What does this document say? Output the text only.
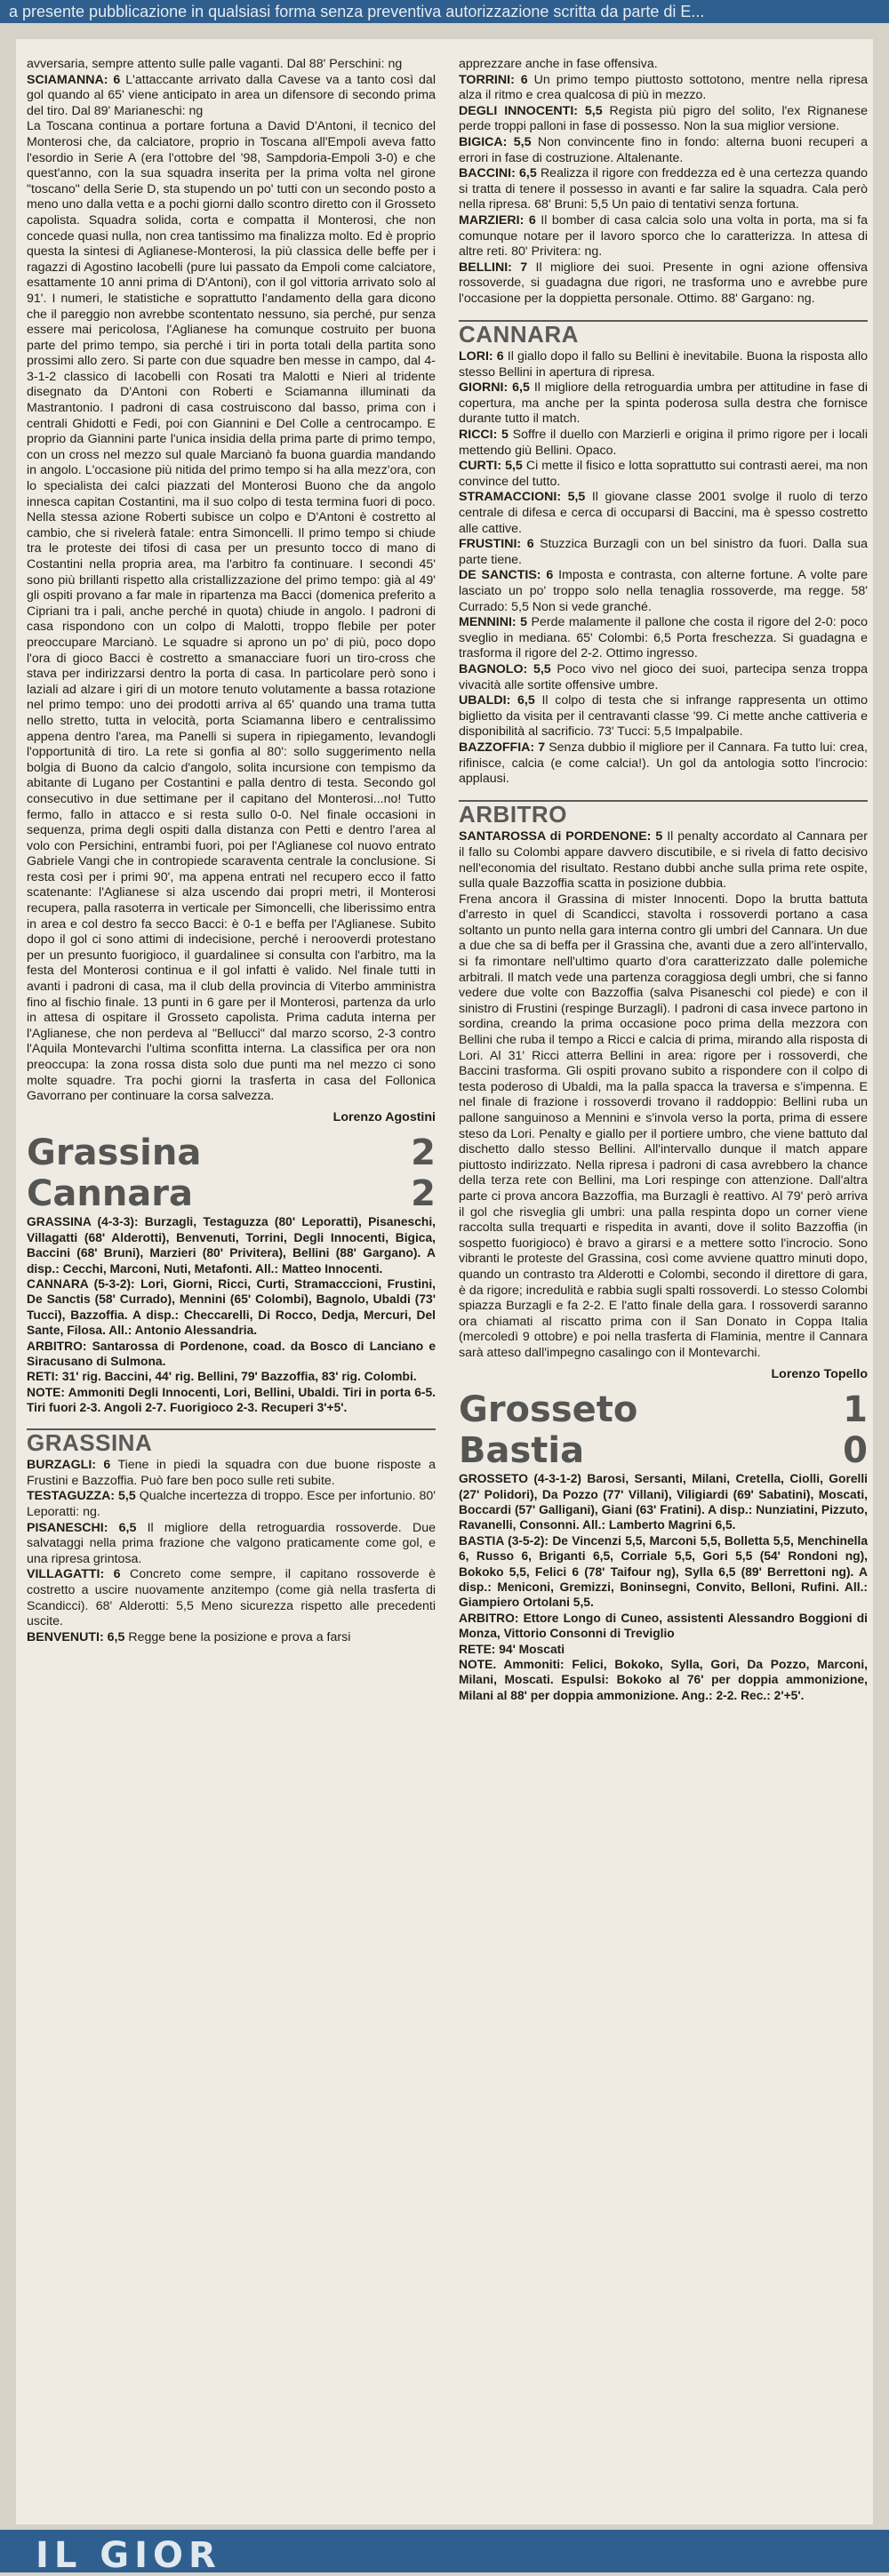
a presente pubblicazione in qualsiasi forma senza preventiva autorizzazione scritta da parte di E...

avversaria, sempre attento sulle palle vaganti. Dal 88' Perschini: ng

SCIAMANNA: 6 L'attaccante arrivato dalla Cavese va a tanto così dal gol quando al 65' viene anticipato in area un difensore di secondo prima del tiro. Dal 89' Marianeschi: ng

La Toscana continua a portare fortuna a David D'Antoni, il tecnico del Monterosi che, da calciatore, proprio in Toscana all'Empoli aveva fatto l'esordio in Serie A (era l'ottobre del '98, Sampdoria-Empoli 3-0) e che quest'anno, con la sua squadra inserita per la prima volta nel girone "toscano" della Serie D, sta stupendo un po' tutti con un secondo posto a meno uno dalla vetta e a pochi giorni dallo scontro diretto con il Grosseto capolista. Squadra solida, corta e compatta il Monterosi, che non concede quasi nulla, non crea tantissimo ma finalizza molto. Ed è proprio questa la sintesi di Aglianese-Monterosi, la più classica delle beffe per i ragazzi di Agostino Iacobelli (pure lui passato da Empoli come calciatore, esattamente 10 anni prima di D'Antoni), con il gol vittoria arrivato solo al 91'. I numeri, le statistiche e soprattutto l'andamento della gara dicono che il pareggio non avrebbe scontentato nessuno, sia perché, pur senza essere mai pericolosa, l'Aglianese ha comunque costruito per buona parte del primo tempo, sia perché i tiri in porta totali della partita sono prossimi allo zero. Si parte con due squadre ben messe in campo, dal 4-3-1-2 classico di Iacobelli con Rosati tra Malotti e Nieri al tridente disegnato da D'Antoni con Roberti e Sciamanna illuminati da Mastrantonio. I padroni di casa costruiscono dal basso, prima con i centrali Ghidotti e Fedi, poi con Giannini e Del Colle a centrocampo. E proprio da Giannini parte l'unica insidia della prima parte di primo tempo, con un cross nel mezzo sul quale Marcianò fa buona guardia mandando in angolo. L'occasione più nitida del primo tempo si ha alla mezz'ora, con lo specialista dei calci piazzati del Monterosi Buono che da angolo innesca capitan Costantini, ma il suo colpo di testa termina fuori di poco. Nella stessa azione Roberti subisce un colpo e D'Antoni è costretto al cambio, che si rivelerà fatale: entra Simoncelli. Il primo tempo si chiude tra le proteste dei tifosi di casa per un presunto tocco di mano di Costantini nella propria area, ma l'arbitro fa continuare. I secondi 45' sono più brillanti rispetto alla cristallizzazione del primo tempo: già al 49' gli ospiti provano a far male in ripartenza ma Bacci (domenica preferito a Cipriani tra i pali, anche perché in quota) chiude in angolo. I padroni di casa rispondono con un colpo di Malotti, troppo flebile per poter preoccupare Marcianò. Le squadre si aprono un po' di più, poco dopo l'ora di gioco Bacci è costretto a smanacciare fuori un tiro-cross che stava per indirizzarsi dentro la porta di casa. In particolare però sono i laziali ad alzare i giri di un motore tenuto volutamente a bassa rotazione nel primo tempo: uno dei prodotti arriva al 65' quando una trama tutta nello stretto, tutta in velocità, porta Sciamanna libero e centralissimo appena dentro l'area, ma Panelli si supera in ripiegamento, levandogli l'opportunità di tiro. La rete si gonfia al 80': sollo suggerimento nella bolgia di Buono da calcio d'angolo, solita incursione con tempismo da abitante di Lugano per Costantini e palla dentro di testa. Secondo gol consecutivo in due settimane per il capitano del Monterosi...no! Tutto fermo, fallo in attacco e si resta sullo 0-0. Nel finale occasioni in sequenza, prima degli ospiti dalla distanza con Petti e dentro l'area al volo con Persichini, entrambi fuori, poi per l'Aglianese col nuovo entrato Gabriele Vangi che in contropiede scaraventa centrale la conclusione. Si resta così per i primi 90', ma appena entrati nel recupero ecco il fatto scatenante: l'Aglianese si alza uscendo dai propri metri, il Monterosi recupera, palla rasoterra in verticale per Simoncelli, che liberissimo entra in area e col destro fa secco Bacci: è 0-1 e beffa per l'Aglianese. Subito dopo il gol ci sono attimi di indecisione, perché i nerooverdi protestano per un presunto fuorigioco, il guardalinee si consulta con l'arbitro, ma la festa del Monterosi continua e il gol infatti è valido. Nel finale tutti in avanti i padroni di casa, ma il club della provincia di Viterbo amministra fino al fischio finale. 13 punti in 6 gare per il Monterosi, partenza da urlo in attesa di ospitare il Grosseto capolista. Prima caduta interna per l'Aglianese, che non perdeva al "Bellucci" dal marzo scorso, 2-3 contro l'Aquila Montevarchi l'ultima sconfitta interna. La classifica per ora non preoccupa: la zona rossa dista solo due punti ma nel mezzo ci sono molte squadre. Tra pochi giorni la trasferta in casa del Follonica Gavorrano per continuare la corsa salvezza.

Lorenzo Agostini
Grassina	2
Cannara	2

GRASSINA (4-3-3): Burzagli, Testaguzza (80' Leporatti), Pisaneschi, Villagatti (68' Alderotti), Benvenuti, Torrini, Degli Innocenti, Bigica, Baccini (68' Bruni), Marzieri (80' Privitera), Bellini (88' Gargano). A disp.: Cecchi, Marconi, Nuti, Metafonti. All.: Matteo Innocenti.

CANNARA (5-3-2): Lori, Giorni, Ricci, Curti, Stramacccioni, Frustini, De Sanctis (58' Currado), Mennini (65' Colombi), Bagnolo, Ubaldi (73' Tucci), Bazzoffia. A disp.: Checcarelli, Di Rocco, Dedja, Mercuri, Del Sante, Filosa. All.: Antonio Alessandria.

ARBITRO: Santarossa di Pordenone, coad. da Bosco di Lanciano e Siracusano di Sulmona.

RETI: 31' rig. Baccini, 44' rig. Bellini, 79' Bazzoffia, 83' rig. Colombi.

NOTE: Ammoniti Degli Innocenti, Lori, Bellini, Ubaldi. Tiri in porta 6-5. Tiri fuori 2-3. Angoli 2-7. Fuorigioco 2-3. Recuperi 3'+5'.

GRASSINA

BURZAGLI: 6 Tiene in piedi la squadra con due buone risposte a Frustini e Bazzoffia. Può fare ben poco sulle reti subite.

TESTAGUZZA: 5,5 Qualche incertezza di troppo. Esce per infortunio. 80' Leporatti: ng.

PISANESCHI: 6,5 Il migliore della retroguardia rossoverde. Due salvataggi nella prima frazione che valgono praticamente come gol, e una ripresa grintosa.

VILLAGATTI: 6 Concreto come sempre, il capitano rossoverde è costretto a uscire nuovamente anzitempo (come già nella trasferta di Scandicci). 68' Alderotti: 5,5 Meno sicurezza rispetto alle precedenti uscite.

BENVENUTI: 6,5 Regge bene la posizione e prova a farsi

apprezzare anche in fase offensiva.

TORRINI: 6 Un primo tempo piuttosto sottotono, mentre nella ripresa alza il ritmo e crea qualcosa di più in mezzo.

DEGLI INNOCENTI: 5,5 Regista più pigro del solito, l'ex Rignanese perde troppi palloni in fase di possesso. Non la sua miglior versione.

BIGICA: 5,5 Non convincente fino in fondo: alterna buoni recuperi a errori in fase di costruzione. Altalenante.

BACCINI: 6,5 Realizza il rigore con freddezza ed è una certezza quando si tratta di tenere il possesso in avanti e far salire la squadra. Cala però nella ripresa. 68' Bruni: 5,5 Un paio di tentativi senza fortuna.

MARZIERI: 6 Il bomber di casa calcia solo una volta in porta, ma si fa comunque notare per il lavoro sporco che lo caratterizza. In attesa di altre reti. 80' Privitera: ng.

BELLINI: 7 Il migliore dei suoi. Presente in ogni azione offensiva rossoverde, si guadagna due rigori, ne trasforma uno e avrebbe pure l'occasione per la doppietta personale. Ottimo. 88' Gargano: ng.

CANNARA

LORI: 6 Il giallo dopo il fallo su Bellini è inevitabile. Buona la risposta allo stesso Bellini in apertura di ripresa.

GIORNI: 6,5 Il migliore della retroguardia umbra per attitudine in fase di copertura, ma anche per la spinta poderosa sulla destra che fornisce durante tutto il match.

RICCI: 5 Soffre il duello con Marzierli e origina il primo rigore per i locali mettendo giù Bellini. Opaco.

CURTI: 5,5 Ci mette il fisico e lotta soprattutto sui contrasti aerei, ma non convince del tutto.

STRAMACCIONI: 5,5 Il giovane classe 2001 svolge il ruolo di terzo centrale di difesa e cerca di occuparsi di Baccini, ma è spesso costretto alle cattive.

FRUSTINI: 6 Stuzzica Burzagli con un bel sinistro da fuori. Dalla sua parte tiene.

DE SANCTIS: 6 Imposta e contrasta, con alterne fortune. A volte pare lasciato un po' troppo solo nella tenaglia rossoverde, ma regge. 58' Currado: 5,5 Non si vede granché.

MENNINI: 5 Perde malamente il pallone che costa il rigore del 2-0: poco sveglio in mediana. 65' Colombi: 6,5 Porta freschezza. Si guadagna e trasforma il rigore del 2-2. Ottimo ingresso.

BAGNOLO: 5,5 Poco vivo nel gioco dei suoi, partecipa senza troppa vivacità alle sortite offensive umbre.

UBALDI: 6,5 Il colpo di testa che si infrange rappresenta un ottimo biglietto da visita per il centravanti classe '99. Ci mette anche cattiveria e disponibilità al sacrificio. 73' Tucci: 5,5 Impalpabile.

BAZZOFFIA: 7 Senza dubbio il migliore per il Cannara. Fa tutto lui: crea, rifinisce, calcia (e come calcia!). Un gol da antologia sotto l'incrocio: applausi.

ARBITRO

SANTAROSSA di PORDENONE: 5 Il penalty accordato al Cannara per il fallo su Colombi appare davvero discutibile, e si rivela di fatto decisivo nell'economia del risultato. Restano dubbi anche sulla prima rete ospite, sulla quale Bazzoffia scatta in posizione dubbia.

Frena ancora il Grassina di mister Innocenti. Dopo la brutta battuta d'arresto in quel di Scandicci, stavolta i rossoverdi portano a casa soltanto un punto nella gara interna contro gli umbri del Cannara. Un due a due che sa di beffa per il Grassina che, avanti due a zero all'intervallo, si fa rimontare nell'ultimo quarto d'ora caratterizzato dalle polemiche arbitrali. Il match vede una partenza coraggiosa degli umbri, che si fanno vedere due volte con Bazzoffia (salva Pisaneschi col piede) e con il sinistro di Frustini (respinge Burzagli). I padroni di casa invece partono in sordina, creando la prima occasione poco prima della mezzora con Bellini che ruba il tempo a Ricci e calcia di prima, mirando alla risposta di Lori. Al 31' Ricci atterra Bellini in area: rigore per i rossoverdi, che Baccini trasforma. Gli ospiti provano subito a rispondere con il colpo di testa poderoso di Ubaldi, ma la palla spacca la traversa e s'impenna. E nel finale di frazione i rossoverdi trovano il raddoppio: Bellini ruba un pallone sanguinoso a Mennini e s'invola verso la porta, prima di essere steso da Lori. Penalty e giallo per il portiere umbro, che viene battuto dal dischetto dallo stesso Bellini. All'intervallo dunque il match appare piuttosto indirizzato. Nella ripresa i padroni di casa avrebbero la chance della terza rete con Bellini, ma Lori respinge con attenzione. Dall'altra parte ci prova ancora Bazzoffia, ma Burzagli è reattivo. Al 79' però arriva il gol che risveglia gli umbri: una palla respinta dopo un corner viene raccolta sulla trequarti e rispedita in avanti, dove il solito Bazzoffia (in sospetto fuorigioco) è bravo a girarsi e a mettere sotto l'incrocio. Sono vibranti le proteste del Grassina, così come avviene quattro minuti dopo, quando un contrasto tra Alderotti e Colombi, secondo il direttore di gara, è da rigore; incredulità e rabbia sugli spalti rossoverdi. Lo stesso Colombi spiazza Burzagli e fa 2-2. E l'atto finale della gara. I rossoverdi saranno ora chiamati al riscatto prima con il San Donato in Coppa Italia (mercoledì 9 ottobre) e poi nella trasferta di Flaminia, mentre il Cannara sarà atteso dall'impegno casalingo con il Montevarchi.

Lorenzo Topello
Grosseto	1
Bastia	0

GROSSETO (4-3-1-2) Barosi, Sersanti, Milani, Cretella, Ciolli, Gorelli (27' Polidori), Da Pozzo (77' Villani), Viligiardi (69' Sabatini), Moscati, Boccardi (57' Galligani), Giani (63' Fratini). A disp.: Nunziatini, Pizzuto, Ravanelli, Consonni. All.: Lamberto Magrini 6,5.

BASTIA (3-5-2): De Vincenzi 5,5, Marconi 5,5, Bolletta 5,5, Menchinella 6, Russo 6, Briganti 6,5, Corriale 5,5, Gori 5,5 (54' Rondoni ng), Bokoko 5,5, Felici 6 (78' Taifour ng), Sylla 6,5 (89' Berrettoni ng). A disp.: Meniconi, Gremizzi, Boninsegni, Convito, Belloni, Rufini. All.: Giampiero Ortolani 5,5.

ARBITRO: Ettore Longo di Cuneo, assistenti Alessandro Boggioni di Monza, Vittorio Consonni di Treviglio

RETE: 94' Moscati

NOTE. Ammoniti: Felici, Bokoko, Sylla, Gori, Da Pozzo, Marconi, Milani, Moscati. Espulsi: Bokoko al 76' per doppia ammonizione, Milani al 88' per doppia ammonizione. Ang.: 2-2. Rec.: 2'+5'.

IL GIOR
